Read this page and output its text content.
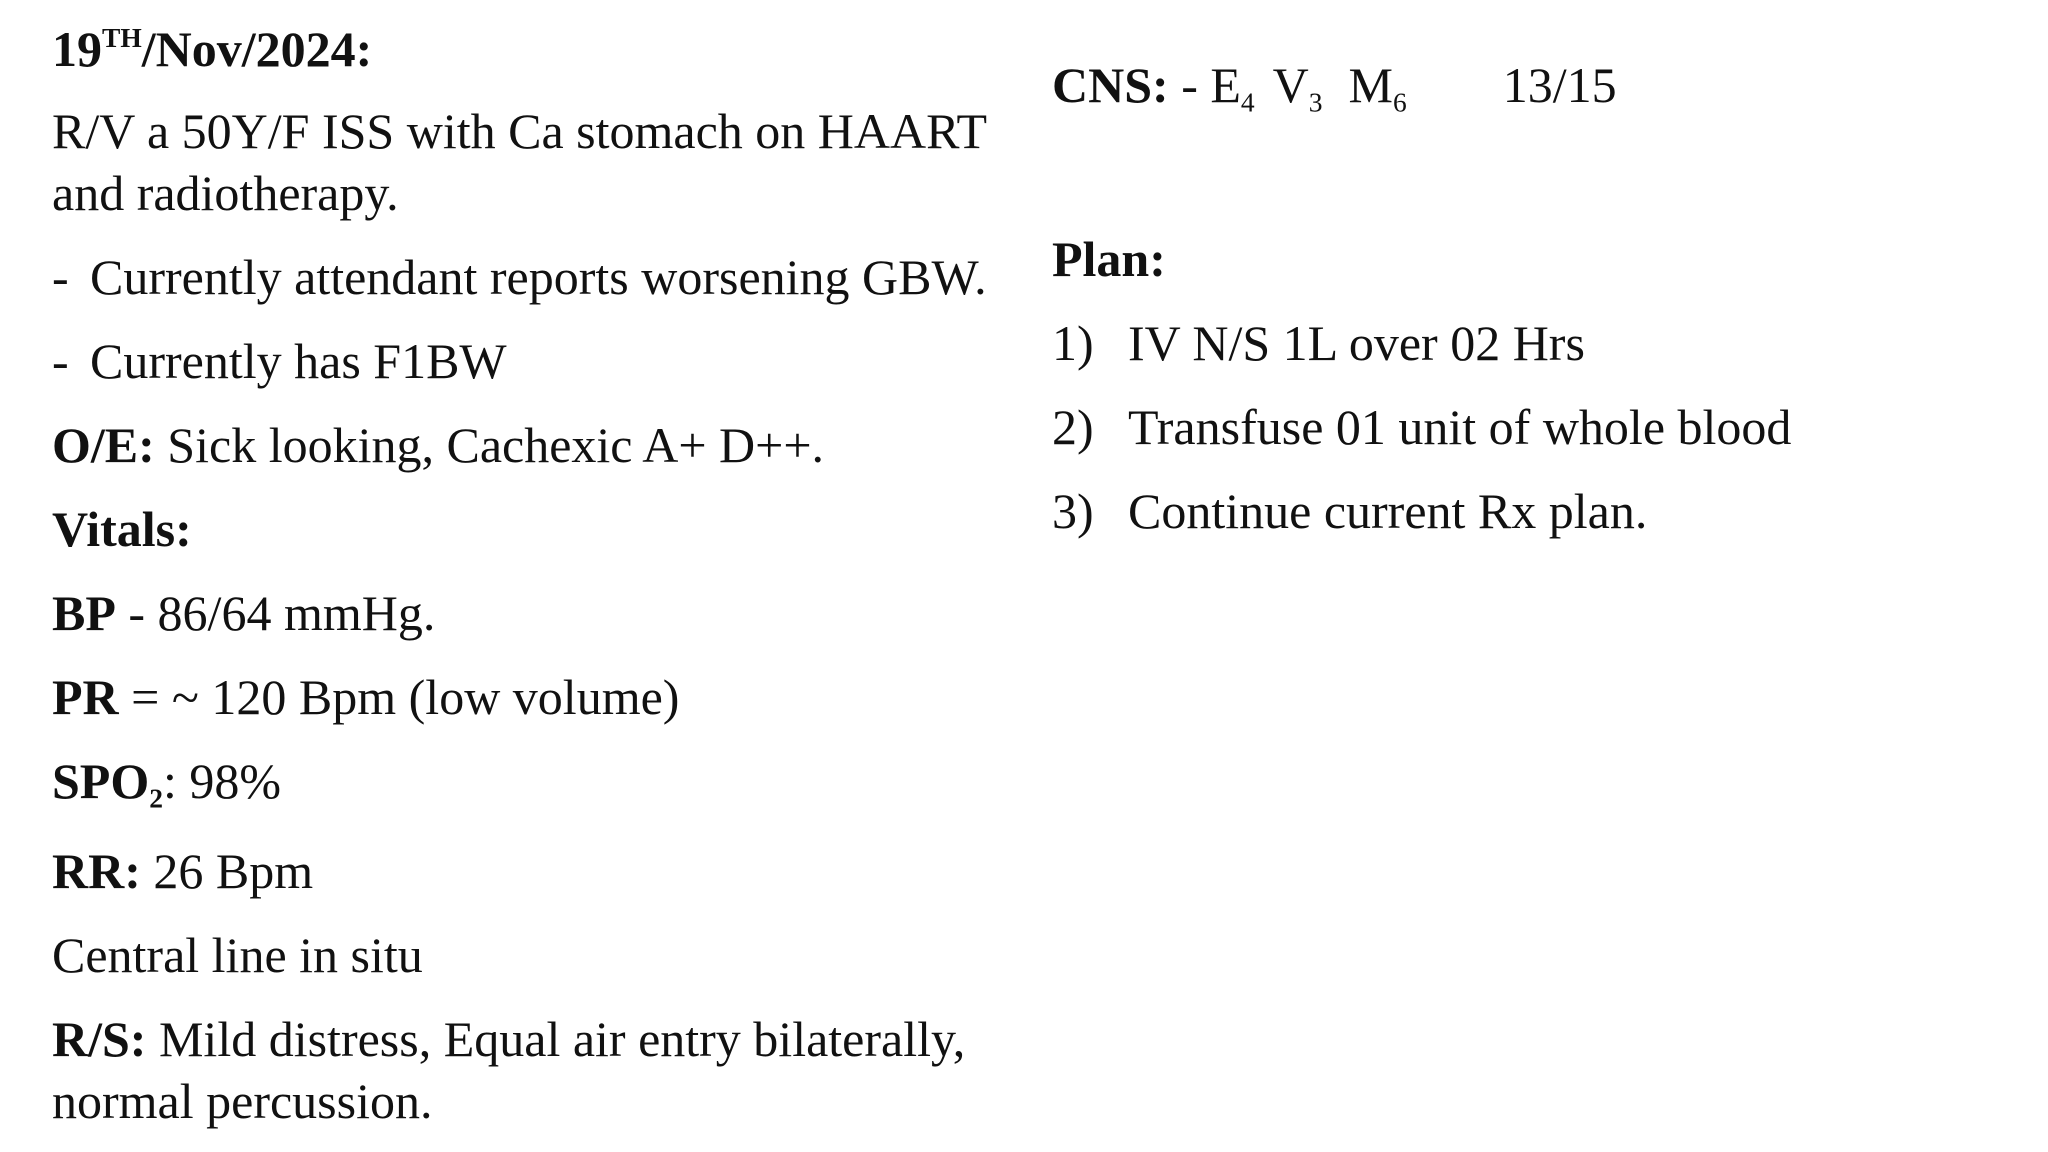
19TH/Nov/2024:
R/V a 50Y/F ISS with Ca stomach on HAART
and radiotherapy.
- Currently attendant reports worsening GBW.
- Currently has F1BW
O/E: Sick looking, Cachexic A+ D++.
Vitals:
BP - 86/64 mmHg.
PR = ~ 120 Bpm (low volume)
$SPO_2$: 98%
RR: 26 Bpm
Central line in situ
R/S: Mild distress, Equal air entry bilaterally,
normal percussion.
CNS: - $E_4$ $V_3$ $M_6$ 13/15
Plan:
1) IV N/S 1L over 02 Hrs
2) Transfuse 01 unit of whole blood
3) Continue current Rx plan.
